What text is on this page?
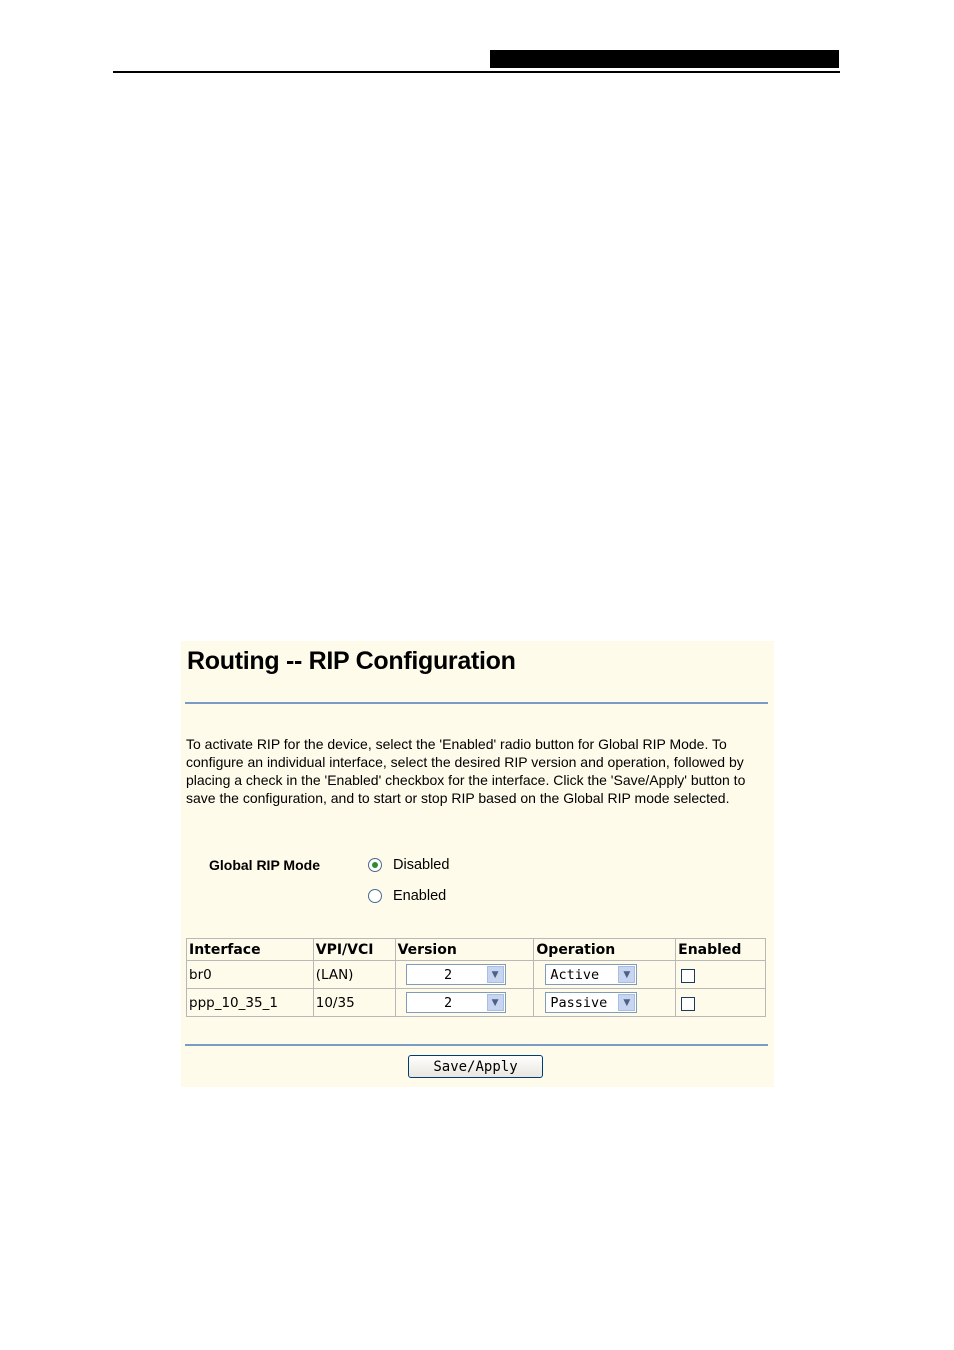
Routing -- RIP Configuration
To activate RIP for the device, select the 'Enabled' radio button for Global RIP Mode. To configure an individual interface, select the desired RIP version and operation, followed by placing a check in the 'Enabled' checkbox for the interface. Click the 'Save/Apply' button to save the configuration, and to start or stop RIP based on the Global RIP mode selected.
Global RIP Mode	Disabled
Enabled
Interface	VPI/VCI	Version	Operation	Enabled
br0	(LAN)	2 ▼	Active ▼	

ppp_10_35_1	10/35	2 ▼	Passive ▼	

Save/Apply
